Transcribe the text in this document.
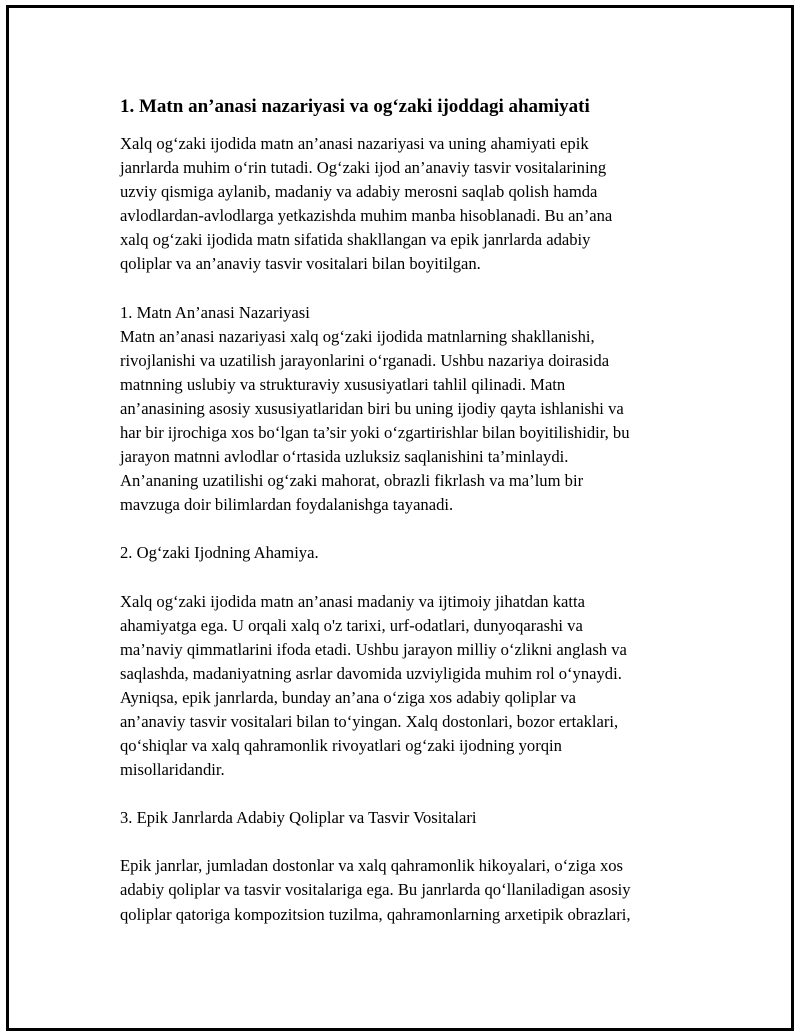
1. Matn an’anasi nazariyasi va og‘zaki ijoddagi ahamiyati

Xalq og‘zaki ijodida matn an’anasi nazariyasi va uning ahamiyati epik
janrlarda muhim o‘rin tutadi. Og‘zaki ijod an’anaviy tasvir vositalarining
uzviy qismiga aylanib, madaniy va adabiy merosni saqlab qolish hamda
avlodlardan-avlodlarga yetkazishda muhim manba hisoblanadi. Bu an’ana
xalq og‘zaki ijodida matn sifatida shakllangan va epik janrlarda adabiy
qoliplar va an’anaviy tasvir vositalari bilan boyitilgan.

1. Matn An’anasi Nazariyasi

Matn an’anasi nazariyasi xalq og‘zaki ijodida matnlarning shakllanishi,
rivojlanishi va uzatilish jarayonlarini o‘rganadi. Ushbu nazariya doirasida
matnning uslubiy va strukturaviy xususiyatlari tahlil qilinadi. Matn
an’anasining asosiy xususiyatlaridan biri bu uning ijodiy qayta ishlanishi va
har bir ijrochiga xos bo‘lgan ta’sir yoki o‘zgartirishlar bilan boyitilishidir, bu
jarayon matnni avlodlar o‘rtasida uzluksiz saqlanishini ta’minlaydi.
An’ananing uzatilishi og‘zaki mahorat, obrazli fikrlash va ma’lum bir
mavzuga doir bilimlardan foydalanishga tayanadi.

2. Og‘zaki Ijodning Ahamiya.

Xalq og‘zaki ijodida matn an’anasi madaniy va ijtimoiy jihatdan katta
ahamiyatga ega. U orqali xalq o'z tarixi, urf-odatlari, dunyoqarashi va
ma’naviy qimmatlarini ifoda etadi. Ushbu jarayon milliy o‘zlikni anglash va
saqlashda, madaniyatning asrlar davomida uzviyligida muhim rol o‘ynaydi.
Ayniqsa, epik janrlarda, bunday an’ana o‘ziga xos adabiy qoliplar va
an’anaviy tasvir vositalari bilan to‘yingan. Xalq dostonlari, bozor ertaklari,
qo‘shiqlar va xalq qahramonlik rivoyatlari og‘zaki ijodning yorqin
misollaridandir.

3. Epik Janrlarda Adabiy Qoliplar va Tasvir Vositalari

Epik janrlar, jumladan dostonlar va xalq qahramonlik hikoyalari, o‘ziga xos
adabiy qoliplar va tasvir vositalariga ega. Bu janrlarda qo‘llaniladigan asosiy
qoliplar qatoriga kompozitsion tuzilma, qahramonlarning arxetipik obrazlari,
